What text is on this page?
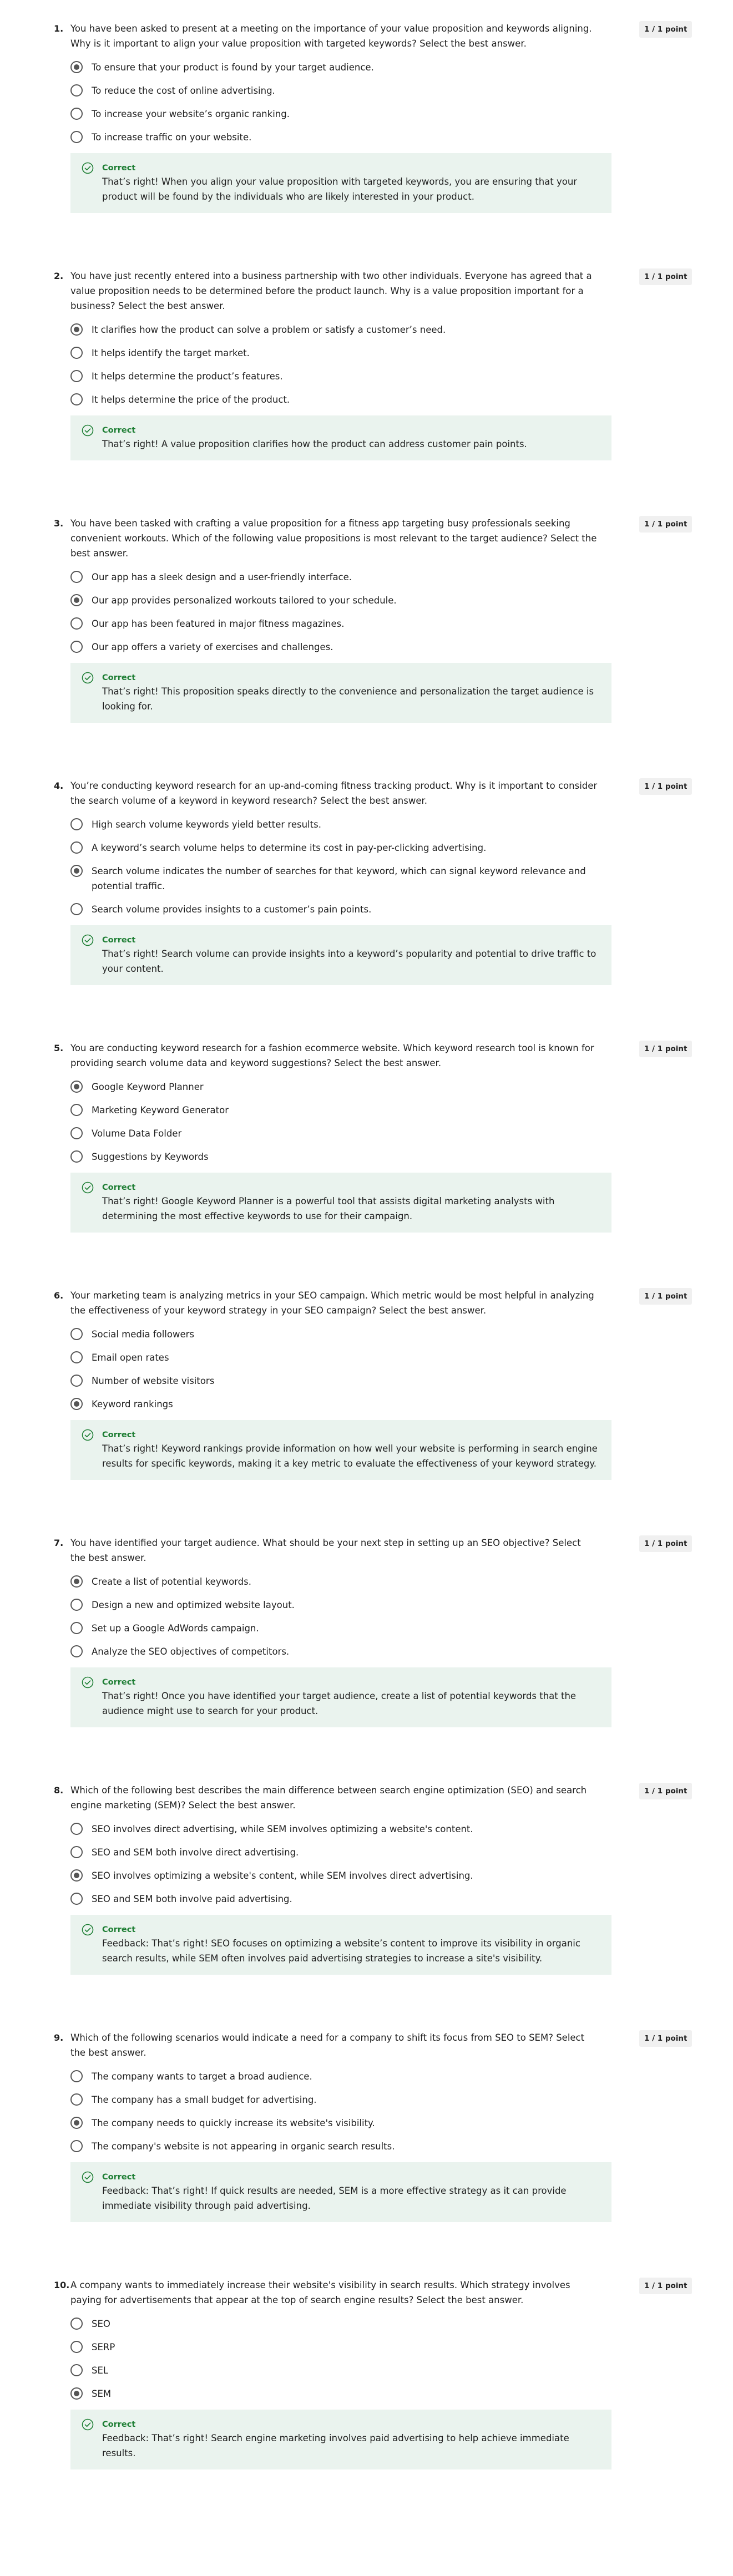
1.	1 / 1 point
You have been asked to present at a meeting on the importance of your value proposition and keywords aligning. Why is it important to align your value proposition with targeted keywords? Select the best answer.
To ensure that your product is found by your target audience.
To reduce the cost of online advertising.
To increase your website’s organic ranking.
To increase traffic on your website.
Correct
That’s right! When you align your value proposition with targeted keywords, you are ensuring that your product will be found by the individuals who are likely interested in your product.
2.	1 / 1 point
You have just recently entered into a business partnership with two other individuals. Everyone has agreed that a value proposition needs to be determined before the product launch. Why is a value proposition important for a business? Select the best answer.
It clarifies how the product can solve a problem or satisfy a customer’s need.
It helps identify the target market.
It helps determine the product’s features.
It helps determine the price of the product.
Correct
That’s right! A value proposition clarifies how the product can address customer pain points.
3.	1 / 1 point
You have been tasked with crafting a value proposition for a fitness app targeting busy professionals seeking convenient workouts. Which of the following value propositions is most relevant to the target audience? Select the best answer.
Our app has a sleek design and a user-friendly interface.
Our app provides personalized workouts tailored to your schedule.
Our app has been featured in major fitness magazines.
Our app offers a variety of exercises and challenges.
Correct
That’s right! This proposition speaks directly to the convenience and personalization the target audience is looking for.
4.	1 / 1 point
You’re conducting keyword research for an up-and-coming fitness tracking product. Why is it important to consider the search volume of a keyword in keyword research? Select the best answer.
High search volume keywords yield better results.
A keyword’s search volume helps to determine its cost in pay-per-clicking advertising.
Search volume indicates the number of searches for that keyword, which can signal keyword relevance and potential traffic.
Search volume provides insights to a customer’s pain points.
Correct
That’s right! Search volume can provide insights into a keyword’s popularity and potential to drive traffic to your content.
5.	1 / 1 point
You are conducting keyword research for a fashion ecommerce website. Which keyword research tool is known for providing search volume data and keyword suggestions? Select the best answer.
Google Keyword Planner
Marketing Keyword Generator
Volume Data Folder
Suggestions by Keywords
Correct
That’s right! Google Keyword Planner is a powerful tool that assists digital marketing analysts with determining the most effective keywords to use for their campaign.
6.	1 / 1 point
Your marketing team is analyzing metrics in your SEO campaign. Which metric would be most helpful in analyzing the effectiveness of your keyword strategy in your SEO campaign? Select the best answer.
Social media followers
Email open rates
Number of website visitors
Keyword rankings
Correct
That’s right! Keyword rankings provide information on how well your website is performing in search engine results for specific keywords, making it a key metric to evaluate the effectiveness of your keyword strategy.
7.	1 / 1 point
You have identified your target audience. What should be your next step in setting up an SEO objective? Select the best answer.
Create a list of potential keywords.
Design a new and optimized website layout.
Set up a Google AdWords campaign.
Analyze the SEO objectives of competitors.
Correct
That’s right! Once you have identified your target audience, create a list of potential keywords that the audience might use to search for your product.
8.	1 / 1 point
Which of the following best describes the main difference between search engine optimization (SEO) and search engine marketing (SEM)? Select the best answer.
SEO involves direct advertising, while SEM involves optimizing a website's content.
SEO and SEM both involve direct advertising.
SEO involves optimizing a website's content, while SEM involves direct advertising.
SEO and SEM both involve paid advertising.
Correct
Feedback: That’s right! SEO focuses on optimizing a website’s content to improve its visibility in organic search results, while SEM often involves paid advertising strategies to increase a site's visibility.
9.	1 / 1 point
Which of the following scenarios would indicate a need for a company to shift its focus from SEO to SEM? Select the best answer.
The company wants to target a broad audience.
The company has a small budget for advertising.
The company needs to quickly increase its website's visibility.
The company's website is not appearing in organic search results.
Correct
Feedback: That’s right! If quick results are needed, SEM is a more effective strategy as it can provide immediate visibility through paid advertising.
10.	1 / 1 point
A company wants to immediately increase their website's visibility in search results. Which strategy involves paying for advertisements that appear at the top of search engine results? Select the best answer.
SEO
SERP
SEL
SEM
Correct
Feedback: That’s right! Search engine marketing involves paid advertising to help achieve immediate results.
